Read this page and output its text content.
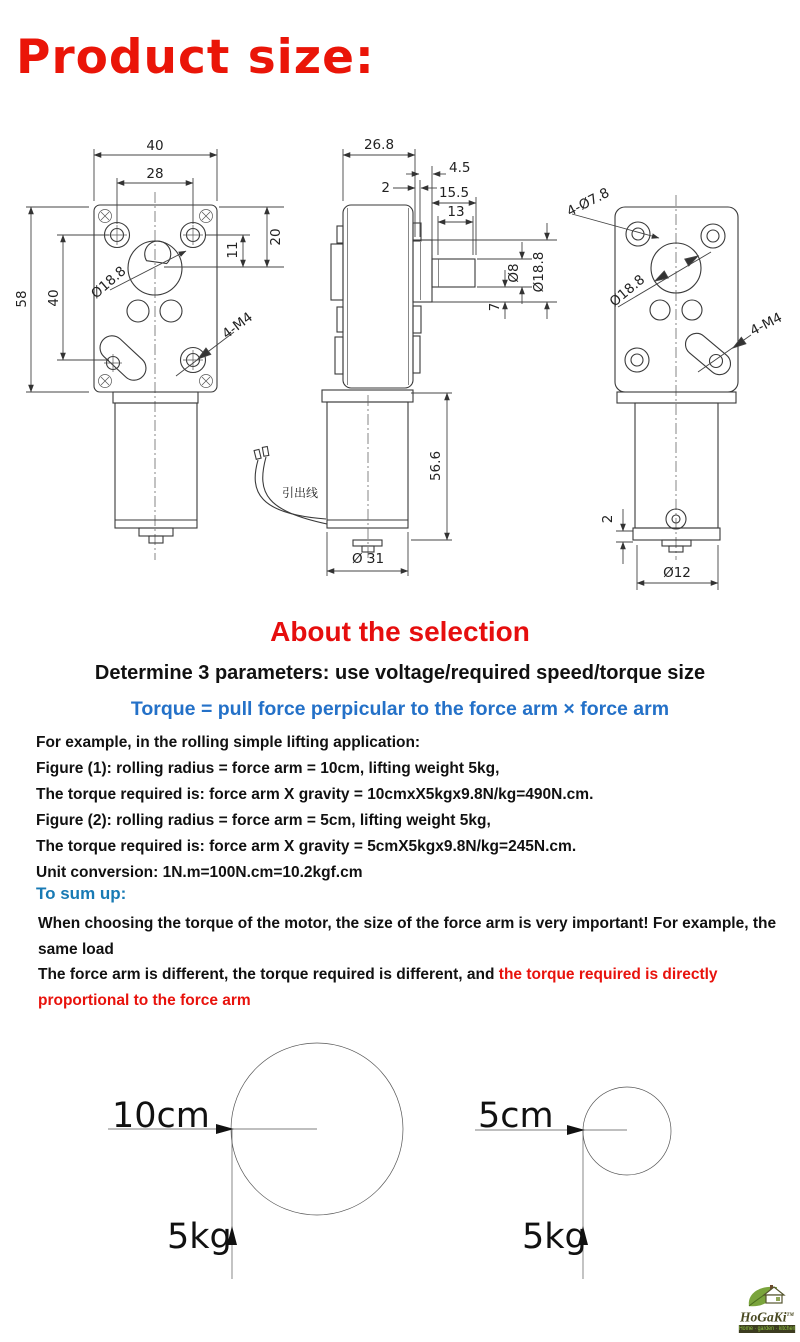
Product size:
40
28
58 40
20
11
Ø18.8
4-M4
引出线
26.8
2
4.5
15.5
13
Ø8 Ø18.8
7
56.6
Ø 31
4-Ø7.8
Ø18.8
4-M4
2
Ø12
About the selection
Determine 3 parameters: use voltage/required speed/torque size
Torque = pull force perpicular to the force arm × force arm
For example, in the rolling simple lifting application:
Figure (1): rolling radius = force arm = 10cm, lifting weight 5kg,
The torque required is: force arm X gravity = 10cmxX5kgx9.8N/kg=490N.cm.
Figure (2): rolling radius = force arm = 5cm, lifting weight 5kg,
The torque required is: force arm X gravity = 5cmX5kgx9.8N/kg=245N.cm.
Unit conversion: 1N.m=100N.cm=10.2kgf.cm
To sum up:
When choosing the torque of the motor, the size of the force arm is very important! For example, the same load
The force arm is different, the torque required is different, and the torque required is directly proportional to the force arm
10cm
5kg
5cm
5kg
HoGaKi™
Home · garden · kitchen
